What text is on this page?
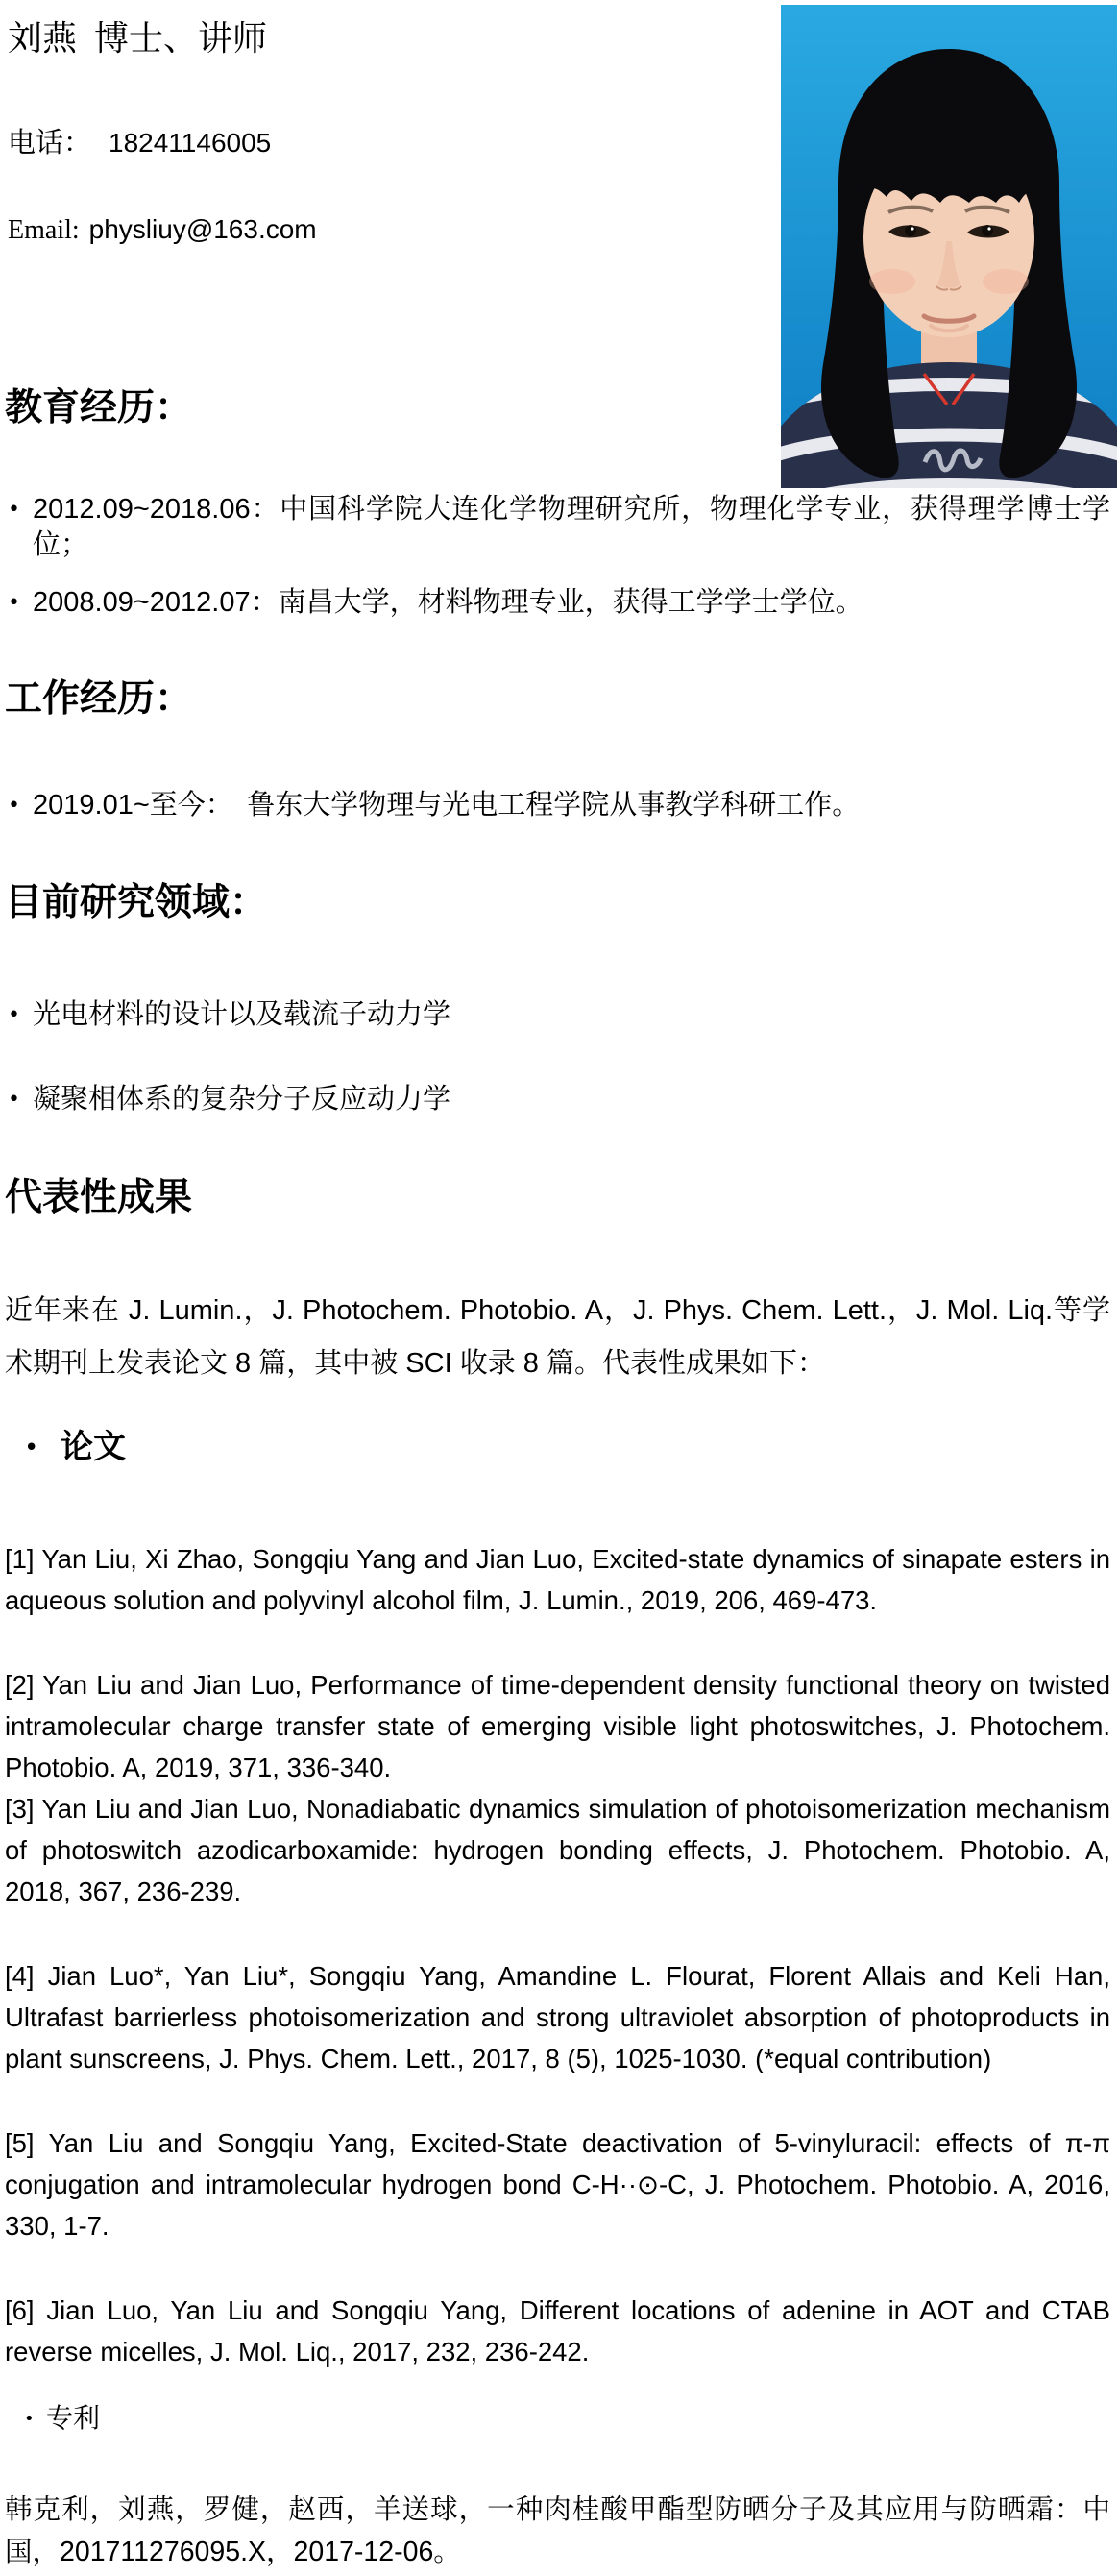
刘燕  博士、讲师
电话： 18241146005
Email: physliuy@163.com
教育经历：
• 2012.09~2018.06：中国科学院大连化学物理研究所，物理化学专业，获得理学博士学位；
• 2008.09~2012.07：南昌大学，材料物理专业，获得工学学士学位。
工作经历：
• 2019.01~至今：　鲁东大学物理与光电工程学院从事教学科研工作。
目前研究领域：
• 光电材料的设计以及载流子动力学
• 凝聚相体系的复杂分子反应动力学
代表性成果
近年来在 J. Lumin.，J. Photochem. Photobio. A，J. Phys. Chem. Lett.，J. Mol. Liq.等学术期刊上发表论文 8 篇，其中被 SCI 收录 8 篇。代表性成果如下：
• 论文

[1] Yan Liu, Xi Zhao, Songqiu Yang and Jian Luo, Excited-state dynamics of sinapate esters in aqueous solution and polyvinyl alcohol film, J. Lumin., 2019, 206, 469-473.

[2] Yan Liu and Jian Luo, Performance of time-dependent density functional theory on twisted intramolecular charge transfer state of emerging visible light photoswitches, J. Photochem. Photobio. A, 2019, 371, 336-340.

[3] Yan Liu and Jian Luo, Nonadiabatic dynamics simulation of photoisomerization mechanism of photoswitch azodicarboxamide: hydrogen bonding effects, J. Photochem. Photobio. A, 2018, 367, 236-239.

[4] Jian Luo*, Yan Liu*, Songqiu Yang, Amandine L. Flourat, Florent Allais and Keli Han, Ultrafast barrierless photoisomerization and strong ultraviolet absorption of photoproducts in plant sunscreens, J. Phys. Chem. Lett., 2017, 8 (5), 1025-1030. (*equal contribution)

[5] Yan Liu and Songqiu Yang, Excited-State deactivation of 5-vinyluracil: effects of π-π conjugation and intramolecular hydrogen bond C-H··⊙-C, J. Photochem. Photobio. A, 2016, 330, 1-7.

[6] Jian Luo, Yan Liu and Songqiu Yang, Different locations of adenine in AOT and CTAB reverse micelles, J. Mol. Liq., 2017, 232, 236-242.

• 专利
韩克利，刘燕，罗健，赵西，羊送球，一种肉桂酸甲酯型防晒分子及其应用与防晒霜：中国，201711276095.X，2017-12-06。
